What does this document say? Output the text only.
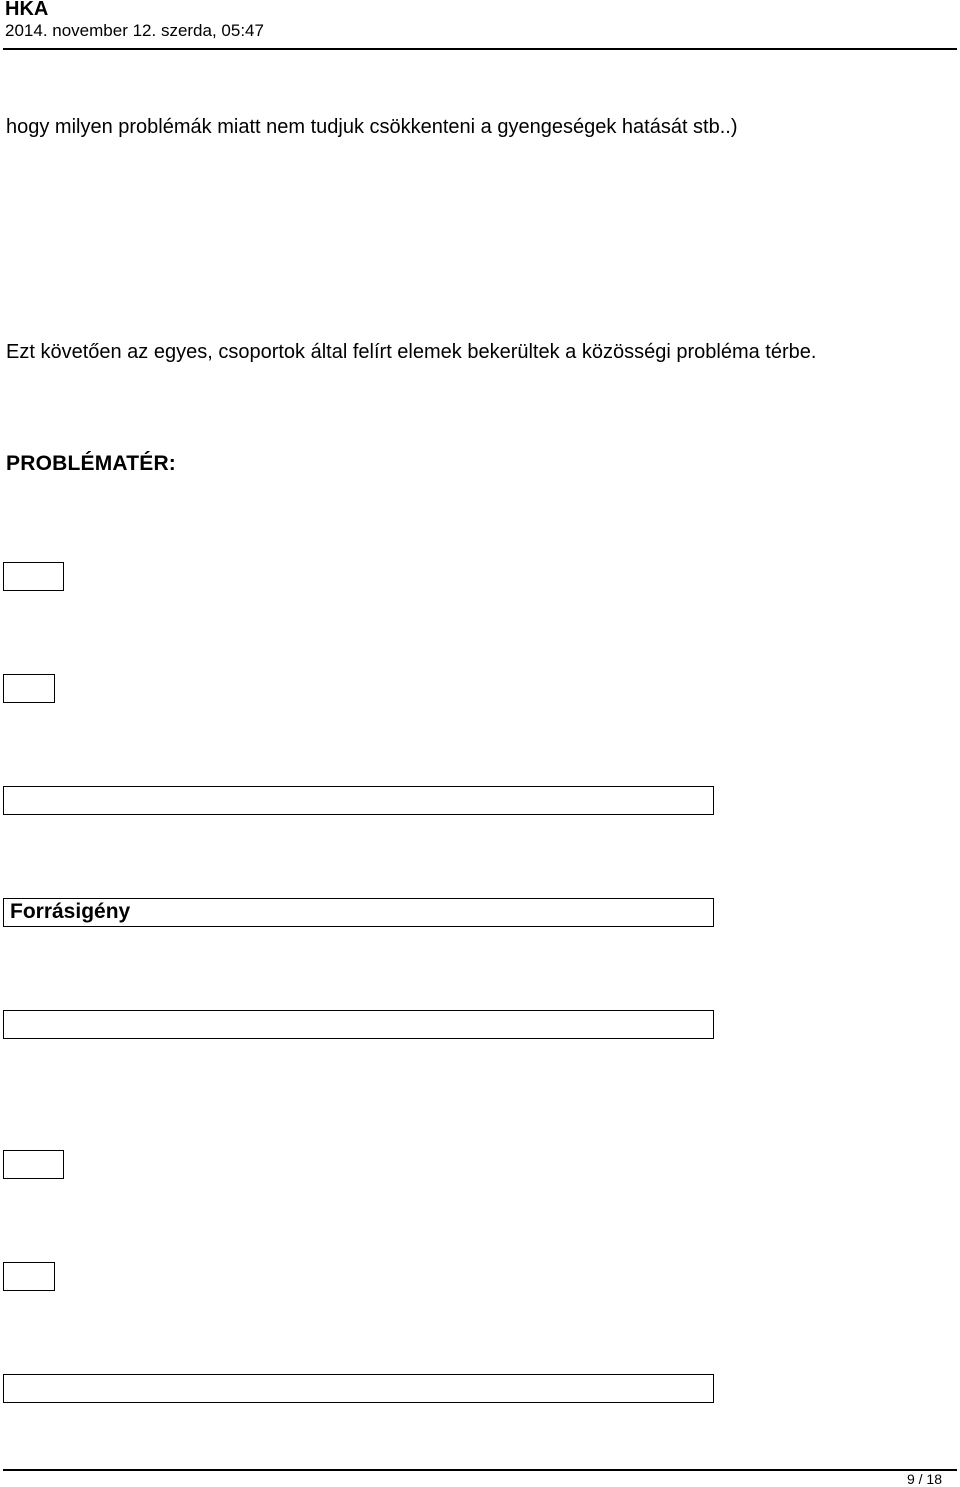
HKA
2014. november 12. szerda, 05:47
hogy milyen problémák miatt nem tudjuk csökkenteni a gyengeségek hatását stb..)
Ezt követően az egyes, csoportok által felírt elemek bekerültek a közösségi probléma térbe.
PROBLÉMATÉR:
Forrásigény
9 / 18
